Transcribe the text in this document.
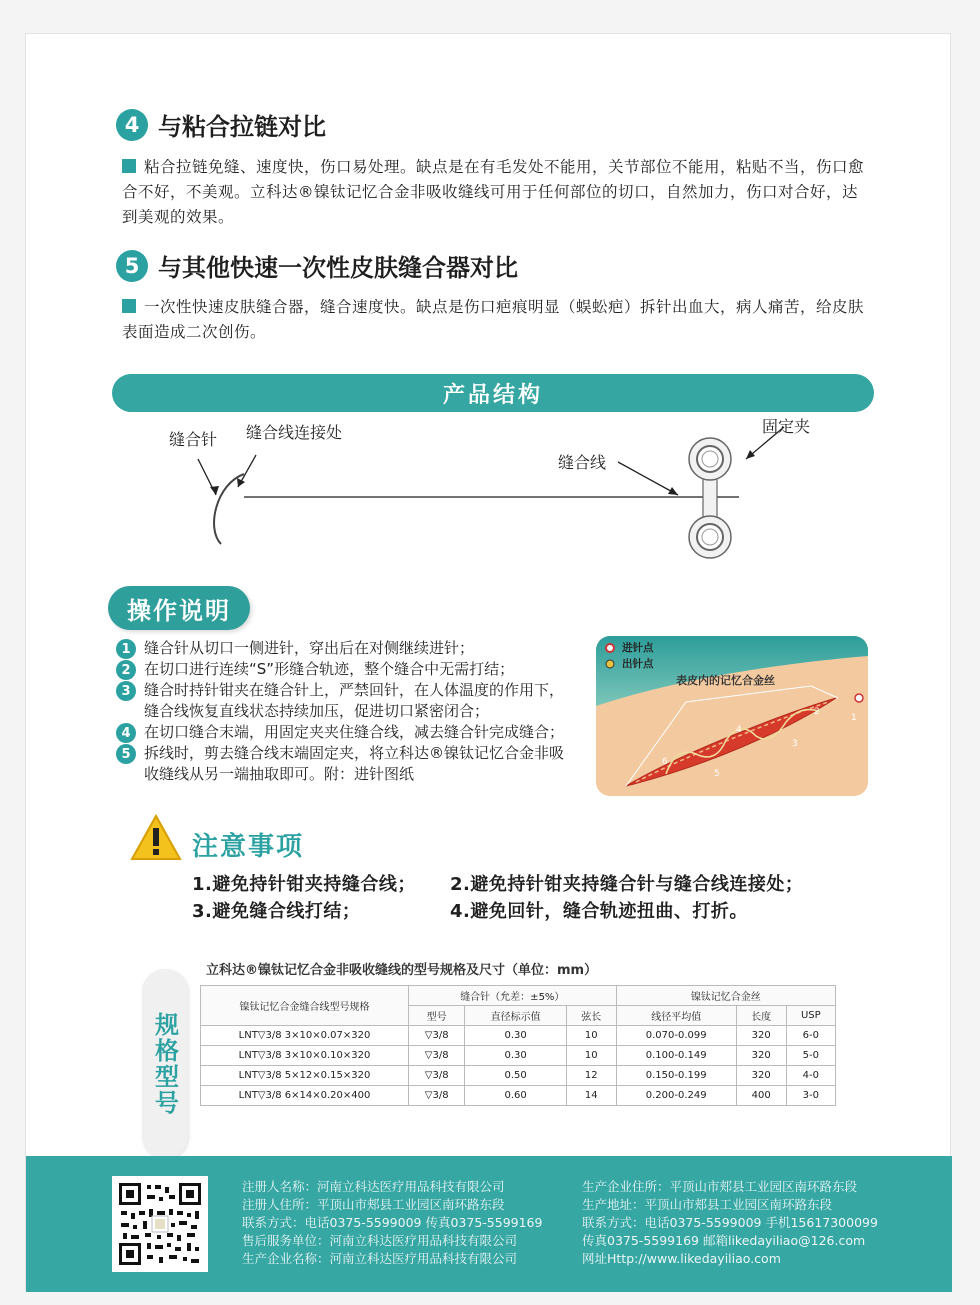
4 与粘合拉链对比
粘合拉链免缝、速度快，伤口易处理。缺点是在有毛发处不能用，关节部位不能用，粘贴不当，伤口愈合不好，不美观。立科达®镍钛记忆合金非吸收缝线可用于任何部位的切口，自然加力，伤口对合好，达到美观的效果。
5 与其他快速一次性皮肤缝合器对比
一次性快速皮肤缝合器，缝合速度快。缺点是伤口疤痕明显（蜈蚣疤）拆针出血大，病人痛苦，给皮肤表面造成二次创伤。
产品结构
缝合针 缝合线连接处
缝合线
固定夹
操作说明
1 缝合针从切口一侧进针，穿出后在对侧继续进针；
2 在切口进行连续“S”形缝合轨迹，整个缝合中无需打结；
3 缝合时持针钳夹在缝合针上，严禁回针，在人体温度的作用下，缝合线恢复直线状态持续加压，促进切口紧密闭合；
4 在切口缝合末端，用固定夹夹住缝合线，减去缝合针完成缝合；
5 拆线时，剪去缝合线末端固定夹，将立科达®镍钛记忆合金非吸收缝线从另一端抽取即可。附：进针图纸
1
2
3
4
5
6
进针点
出针点
表皮内的记忆合金丝
注意事项
1.避免持针钳夹持缝合线； 2.避免持针钳夹持缝合针与缝合线连接处；
3.避免缝合线打结；	4.避免回针，缝合轨迹扭曲、打折。
规格型号
立科达®镍钛记忆合金非吸收缝线的型号规格及尺寸（单位：mm）
镍钛记忆合金缝合线型号规格	缝合针（允差：±5%）			镍钛记忆合金丝		
	型号	直径标示值	弦长	线径平均值	长度	USP
LNT▽3/8 3×10×0.07×320	▽3/8	0.30	10	0.070-0.099	320	6-0
LNT▽3/8 3×10×0.10×320	▽3/8	0.30	10	0.100-0.149	320	5-0
LNT▽3/8 5×12×0.15×320	▽3/8	0.50	12	0.150-0.199	320	4-0
LNT▽3/8 6×14×0.20×400	▽3/8	0.60	14	0.200-0.249	400	3-0
注册人名称：河南立科达医疗用品科技有限公司
注册人住所：平顶山市郏县工业园区南环路东段
联系方式：电话0375-5599009 传真0375-5599169
售后服务单位：河南立科达医疗用品科技有限公司
生产企业名称：河南立科达医疗用品科技有限公司
生产企业住所：平顶山市郏县工业园区南环路东段
生产地址：平顶山市郏县工业园区南环路东段
联系方式：电话0375-5599009 手机15617300099
传真0375-5599169 邮箱likedayiliao@126.com
网址Http://www.likedayiliao.com
